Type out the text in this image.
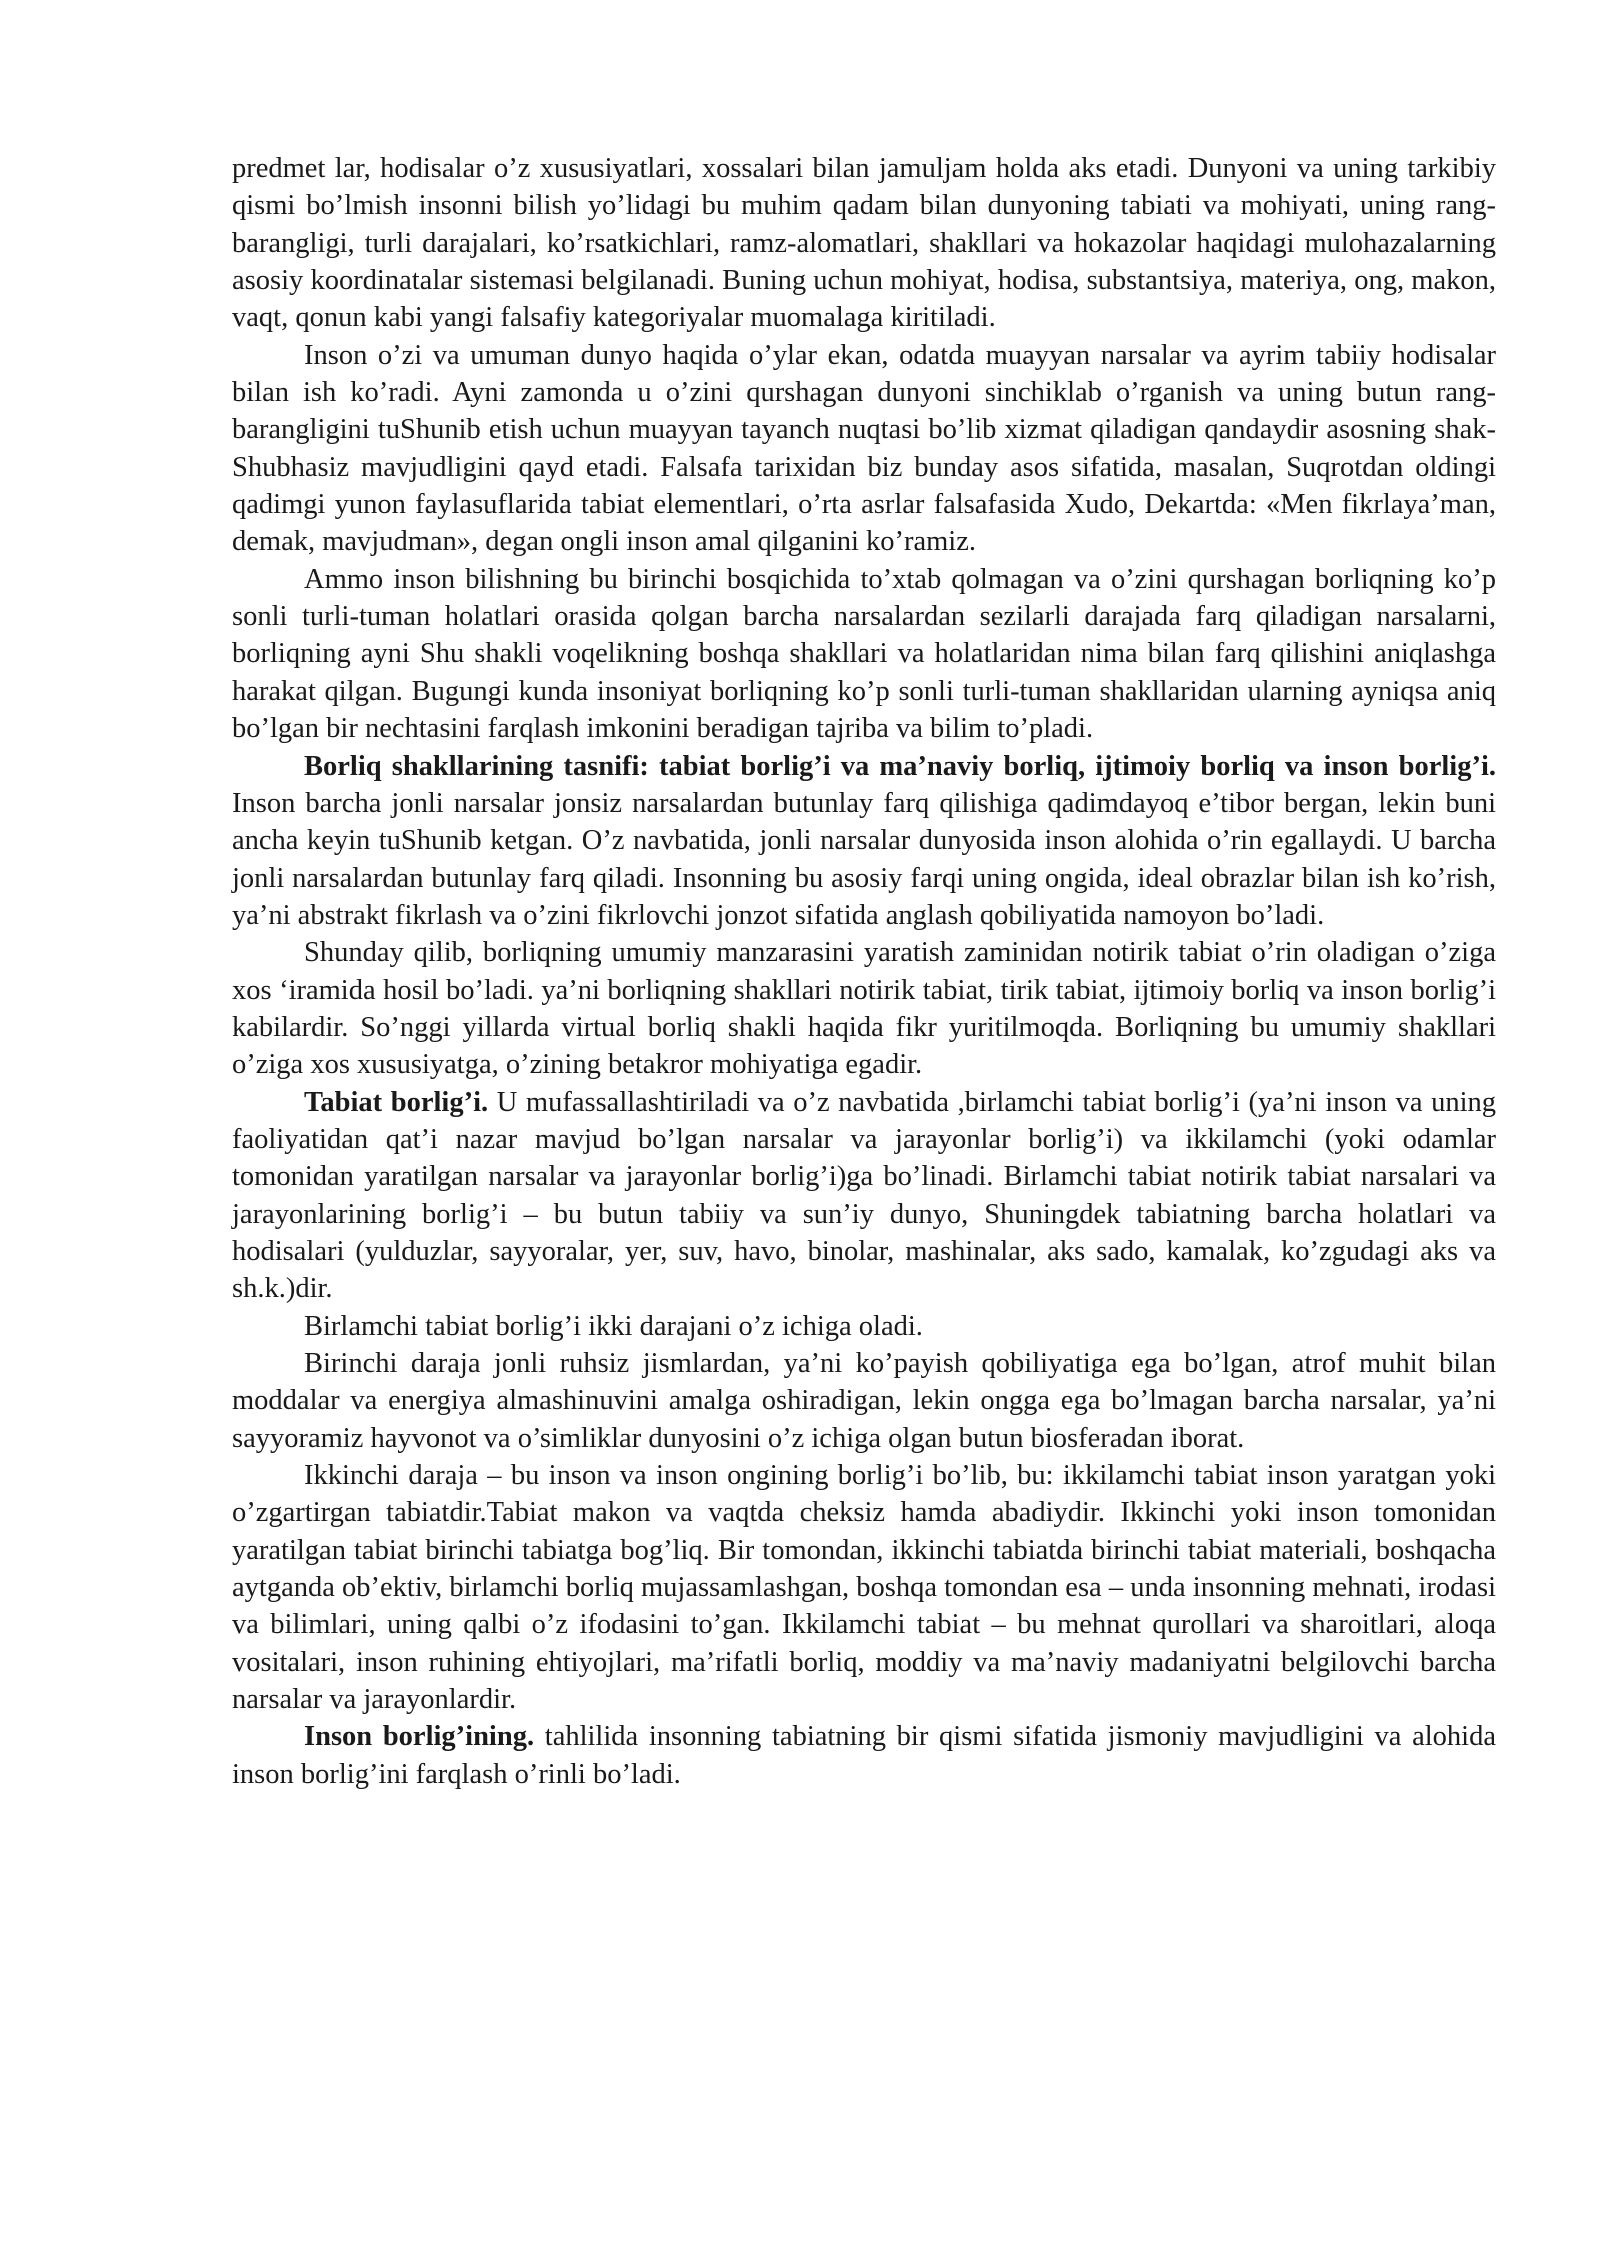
predmet lar, hodisalar o’z xususiyatlari, xossalari bilan jamuljam holda aks etadi. Dunyoni va uning tarkibiy qismi bo’lmish insonni bilish yo’lidagi bu muhim qadam bilan dunyoning tabiati va mohiyati, uning rang-barangligi, turli darajalari, ko’rsatkichlari, ramz-alomatlari, shakllari va hokazolar haqidagi mulohazalarning asosiy koordinatalar sistemasi belgilanadi. Buning uchun mohiyat, hodisa, substantsiya, materiya, ong, makon, vaqt, qonun kabi yangi falsafiy kategoriyalar muomalaga kiritiladi.

Inson o’zi va umuman dunyo haqida o’ylar ekan, odatda muayyan narsalar va ayrim tabiiy hodisalar bilan ish ko’radi. Ayni zamonda u o’zini qurshagan dunyoni sinchiklab o’rganish va uning butun rang-barangligini tuShunib etish uchun muayyan tayanch nuqtasi bo’lib xizmat qiladigan qandaydir asosning shak-Shubhasiz mavjudligini qayd etadi. Falsafa tarixidan biz bunday asos sifatida, masalan, Suqrotdan oldingi qadimgi yunon faylasuflarida tabiat elementlari, o’rta asrlar falsafasida Xudo, Dekartda: «Men fikrlaya’man, demak, mavjudman», degan ongli inson amal qilganini ko’ramiz.

Ammo inson bilishning bu birinchi bosqichida to’xtab qolmagan va o’zini qurshagan borliqning ko’p sonli turli-tuman holatlari orasida qolgan barcha narsalardan sezilarli darajada farq qiladigan narsalarni, borliqning ayni Shu shakli voqelikning boshqa shakllari va holatlaridan nima bilan farq qilishini aniqlashga harakat qilgan. Bugungi kunda insoniyat borliqning ko’p sonli turli-tuman shakllaridan ularning ayniqsa aniq bo’lgan bir nechtasini farqlash imkonini beradigan tajriba va bilim to’pladi.

Borliq shakllarining tasnifi: tabiat borlig’i va ma’naviy borliq, ijtimoiy borliq va inson borlig’i. Inson barcha jonli narsalar jonsiz narsalardan butunlay farq qilishiga qadimdayoq e’tibor bergan, lekin buni ancha keyin tuShunib ketgan. O’z navbatida, jonli narsalar dunyosida inson alohida o’rin egallaydi. U barcha jonli narsalardan butunlay farq qiladi. Insonning bu asosiy farqi uning ongida, ideal obrazlar bilan ish ko’rish, ya’ni abstrakt fikrlash va o’zini fikrlovchi jonzot sifatida anglash qobiliyatida namoyon bo’ladi.

Shunday qilib, borliqning umumiy manzarasini yaratish zaminidan notirik tabiat o’rin oladigan o’ziga xos ‘iramida hosil bo’ladi. ya’ni borliqning shakllari notirik tabiat, tirik tabiat, ijtimoiy borliq va inson borlig’i kabilardir. So’nggi yillarda virtual borliq shakli haqida fikr yuritilmoqda. Borliqning bu umumiy shakllari o’ziga xos xususiyatga, o’zining betakror mohiyatiga egadir.

Tabiat borlig’i. U mufassallashtiriladi va o’z navbatida ,birlamchi tabiat borlig’i (ya’ni inson va uning faoliyatidan qat’i nazar mavjud bo’lgan narsalar va jarayonlar borlig’i) va ikkilamchi (yoki odamlar tomonidan yaratilgan narsalar va jarayonlar borlig’i)ga bo’linadi. Birlamchi tabiat notirik tabiat narsalari va jarayonlarining borlig’i – bu butun tabiiy va sun’iy dunyo, Shuningdek tabiatning barcha holatlari va hodisalari (yulduzlar, sayyoralar, yer, suv, havo, binolar, mashinalar, aks sado, kamalak, ko’zgudagi aks va sh.k.)dir.

Birlamchi tabiat borlig’i ikki darajani o’z ichiga oladi.

Birinchi daraja jonli ruhsiz jismlardan, ya’ni ko’payish qobiliyatiga ega bo’lgan, atrof muhit bilan moddalar va energiya almashinuvini amalga oshiradigan, lekin ongga ega bo’lmagan barcha narsalar, ya’ni sayyoramiz hayvonot va o’simliklar dunyosini o’z ichiga olgan butun biosferadan iborat.

Ikkinchi daraja – bu inson va inson ongining borlig’i bo’lib, bu: ikkilamchi tabiat inson yaratgan yoki o’zgartirgan tabiatdir.Tabiat makon va vaqtda cheksiz hamda abadiydir. Ikkinchi yoki inson tomonidan yaratilgan tabiat birinchi tabiatga bog’liq. Bir tomondan, ikkinchi tabiatda birinchi tabiat materiali, boshqacha aytganda ob’ektiv, birlamchi borliq mujassamlashgan, boshqa tomondan esa – unda insonning mehnati, irodasi va bilimlari, uning qalbi o’z ifodasini to’gan. Ikkilamchi tabiat – bu mehnat qurollari va sharoitlari, aloqa vositalari, inson ruhining ehtiyojlari, ma’rifatli borliq, moddiy va ma’naviy madaniyatni belgilovchi barcha narsalar va jarayonlardir.

Inson borlig’ining. tahlilida insonning tabiatning bir qismi sifatida jismoniy mavjudligini va alohida inson borlig’ini farqlash o’rinli bo’ladi.
